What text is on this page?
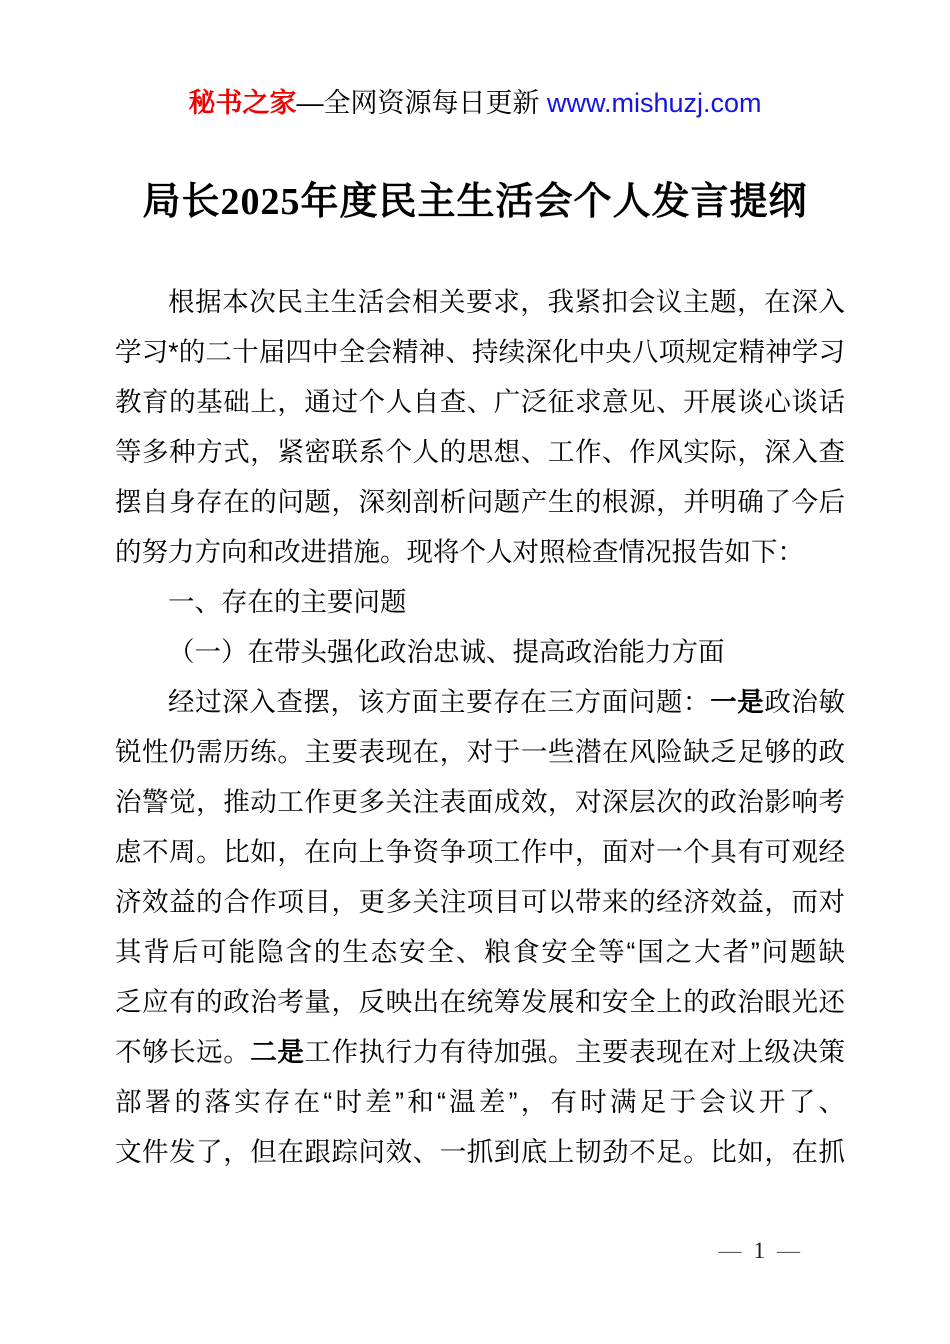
秘书之家—全网资源每日更新 www.mishuzj.com
局长2025年度民主生活会个人发言提纲
根据本次民主生活会相关要求，我紧扣会议主题，在深入
学习*的二十届四中全会精神、持续深化中央八项规定精神学习
教育的基础上，通过个人自查、广泛征求意见、开展谈心谈话
等多种方式，紧密联系个人的思想、工作、作风实际，深入查
摆自身存在的问题，深刻剖析问题产生的根源，并明确了今后
的努力方向和改进措施。现将个人对照检查情况报告如下：
一、存在的主要问题
（一）在带头强化政治忠诚、提高政治能力方面
经过深入查摆，该方面主要存在三方面问题：一是政治敏
锐性仍需历练。主要表现在，对于一些潜在风险缺乏足够的政
治警觉，推动工作更多关注表面成效，对深层次的政治影响考
虑不周。比如，在向上争资争项工作中，面对一个具有可观经
济效益的合作项目，更多关注项目可以带来的经济效益，而对
其背后可能隐含的生态安全、粮食安全等“国之大者”问题缺
乏应有的政治考量，反映出在统筹发展和安全上的政治眼光还
不够长远。二是工作执行力有待加强。主要表现在对上级决策
部署的落实存在“时差”和“温差”，有时满足于会议开了、
文件发了，但在跟踪问效、一抓到底上韧劲不足。比如，在抓
— 1 —
